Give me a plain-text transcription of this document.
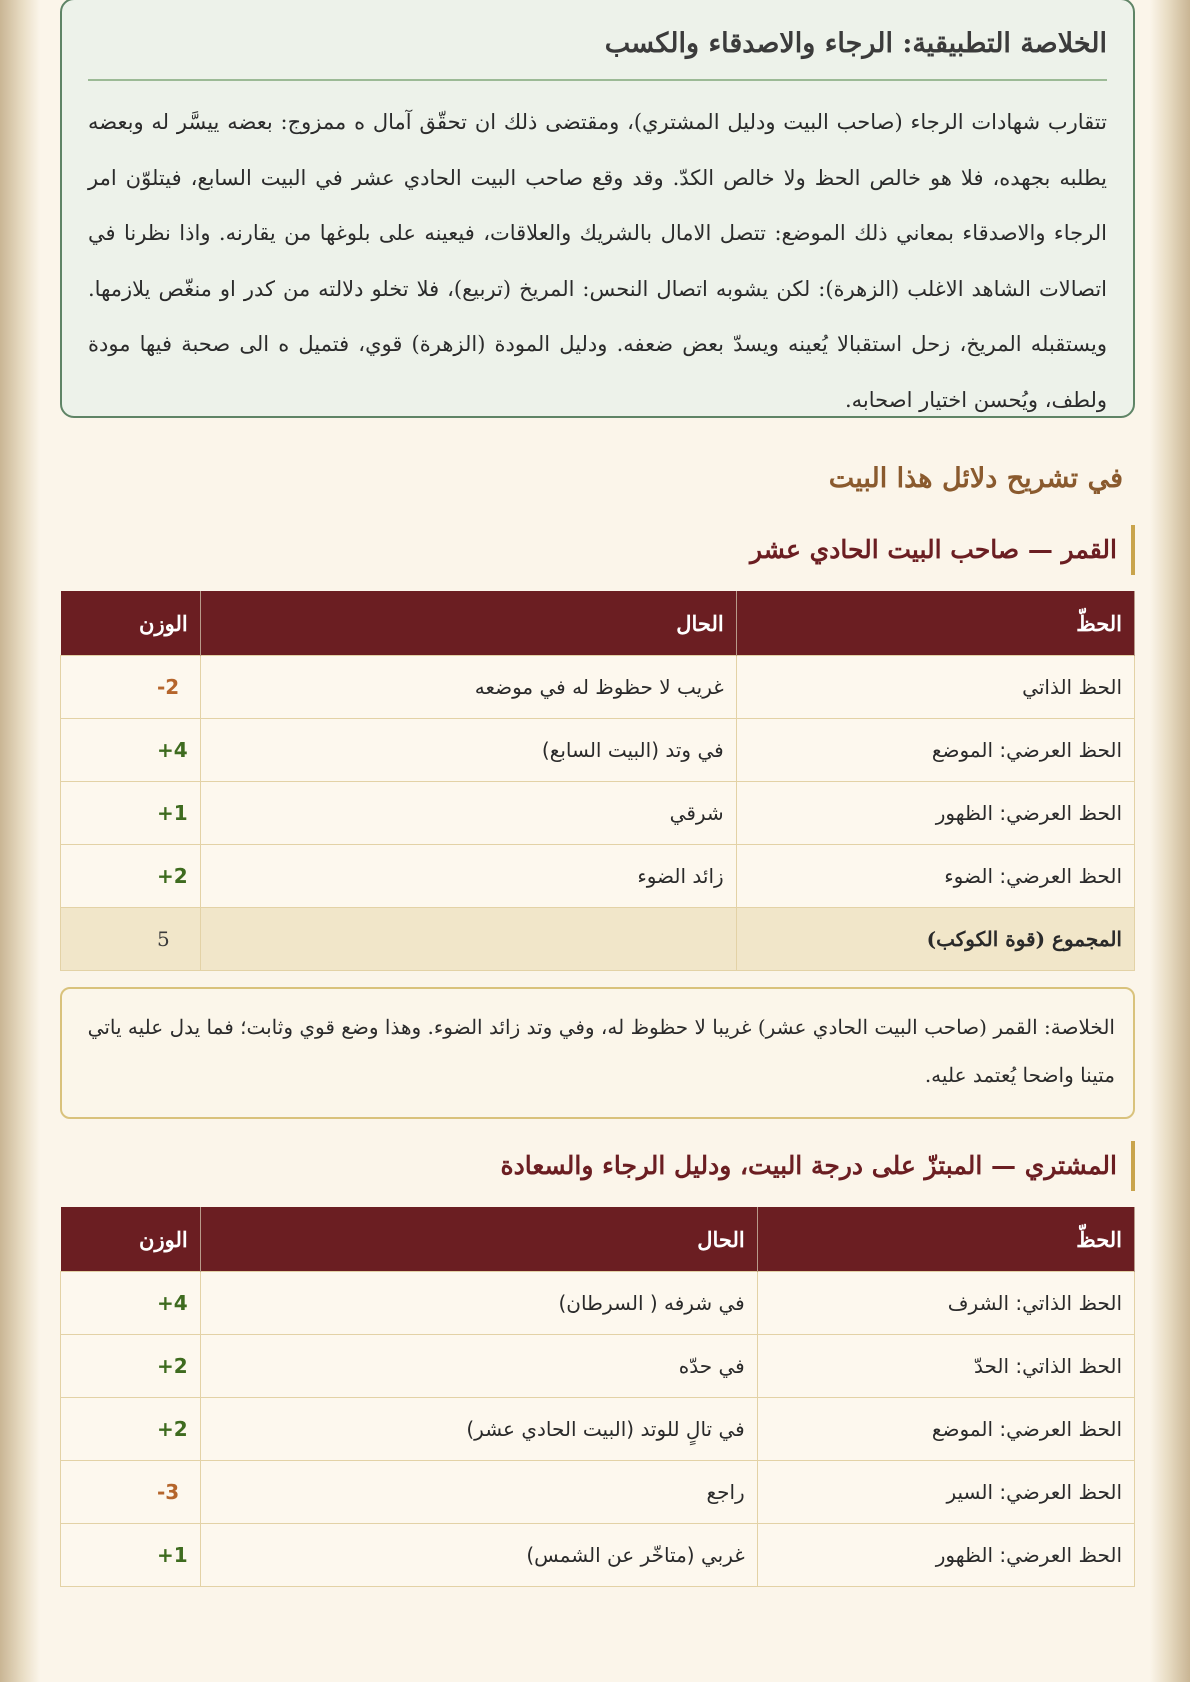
الخلاصة التطبيقية: الرجاء والاصدقاء والكسب
تتقارب شهادات الرجاء (صاحب البيت ودليل المشتري)، ومقتضى ذلك ان تحقّق آمال ه ممزوج: بعضه ييسَّر له وبعضه يطلبه بجهده، فلا هو خالص الحظ ولا خالص الكدّ. وقد وقع صاحب البيت الحادي عشر في البيت السابع، فيتلوّن امر الرجاء والاصدقاء بمعاني ذلك الموضع: تتصل الامال بالشريك والعلاقات، فيعينه على بلوغها من يقارنه. واذا نظرنا في اتصالات الشاهد الاغلب (الزهرة): لكن يشوبه اتصال النحس: المريخ (تربيع)، فلا تخلو دلالته من كدر او منغّص يلازمها. ويستقبله المريخ، زحل استقبالا يُعينه ويسدّ بعض ضعفه. ودليل المودة (الزهرة) قوي، فتميل ه الى صحبة فيها مودة ولطف، ويُحسن اختيار اصحابه.
في تشريح دلائل هذا البيت
القمر — صاحب البيت الحادي عشر
الحظّ	الحال	الوزن
الحظ الذاتي	غريب لا حظوظ له في موضعه	-2
الحظ العرضي: الموضع	في وتد (البيت السابع)	+4
الحظ العرضي: الظهور	شرقي	+1
الحظ العرضي: الضوء	زائد الضوء	+2
المجموع (قوة الكوكب)		5
الخلاصة: القمر (صاحب البيت الحادي عشر) غريبا لا حظوظ له، وفي وتد زائد الضوء. وهذا وضع قوي وثابت؛ فما يدل عليه ياتي متينا واضحا يُعتمد عليه.
المشتري — المبتزّ على درجة البيت، ودليل الرجاء والسعادة
الحظّ	الحال	الوزن
الحظ الذاتي: الشرف	في شرفه ( السرطان)	+4
الحظ الذاتي: الحدّ	في حدّه	+2
الحظ العرضي: الموضع	في تالٍ للوتد (البيت الحادي عشر)	+2
الحظ العرضي: السير	راجع	-3
الحظ العرضي: الظهور	غربي (متاخّر عن الشمس)	+1
